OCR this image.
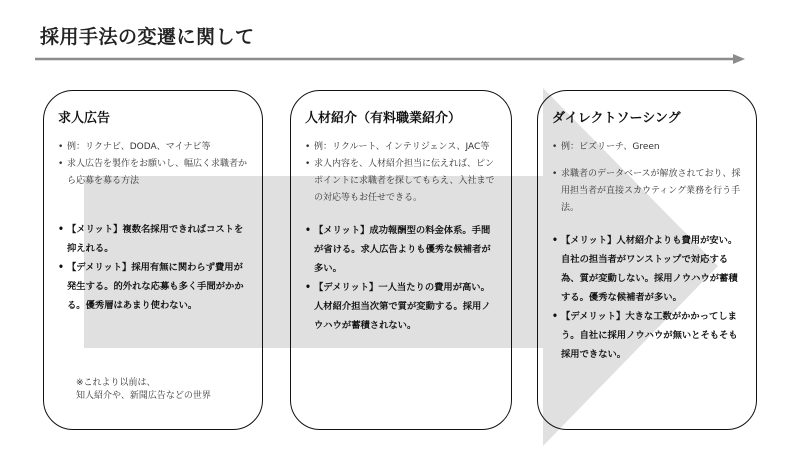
採用手法の変遷に関して
求人広告
• 例：リクナビ、DODA、マイナビ等
• 求人広告を製作をお願いし、幅広く求職者から応募を募る方法
• 【メリット】複数名採用できればコストを抑えれる。
• 【デメリット】採用有無に関わらず費用が発生する。的外れな応募も多く手間がかかる。優秀層はあまり使わない。
※これより以前は、
知人紹介や、新聞広告などの世界
人材紹介（有料職業紹介）
• 例：リクルート、インテリジェンス、JAC等
• 求人内容を、人材紹介担当に伝えれば、ピンポイントに求職者を探してもらえ、入社までの対応等もお任せできる。
• 【メリット】成功報酬型の料金体系。手間が省ける。求人広告よりも優秀な候補者が多い。
• 【デメリット】一人当たりの費用が高い。人材紹介担当次第で質が変動する。採用ノウハウが蓄積されない。
ダイレクトソーシング
• 例：ビズリーチ、Green
• 求職者のデータベースが解放されており、採用担当者が直接スカウティング業務を行う手法。
• 【メリット】人材紹介よりも費用が安い。自社の担当者がワンストップで対応する為、質が変動しない。採用ノウハウが蓄積する。優秀な候補者が多い。
• 【デメリット】大きな工数がかかってしまう。自社に採用ノウハウが無いとそもそも採用できない。
